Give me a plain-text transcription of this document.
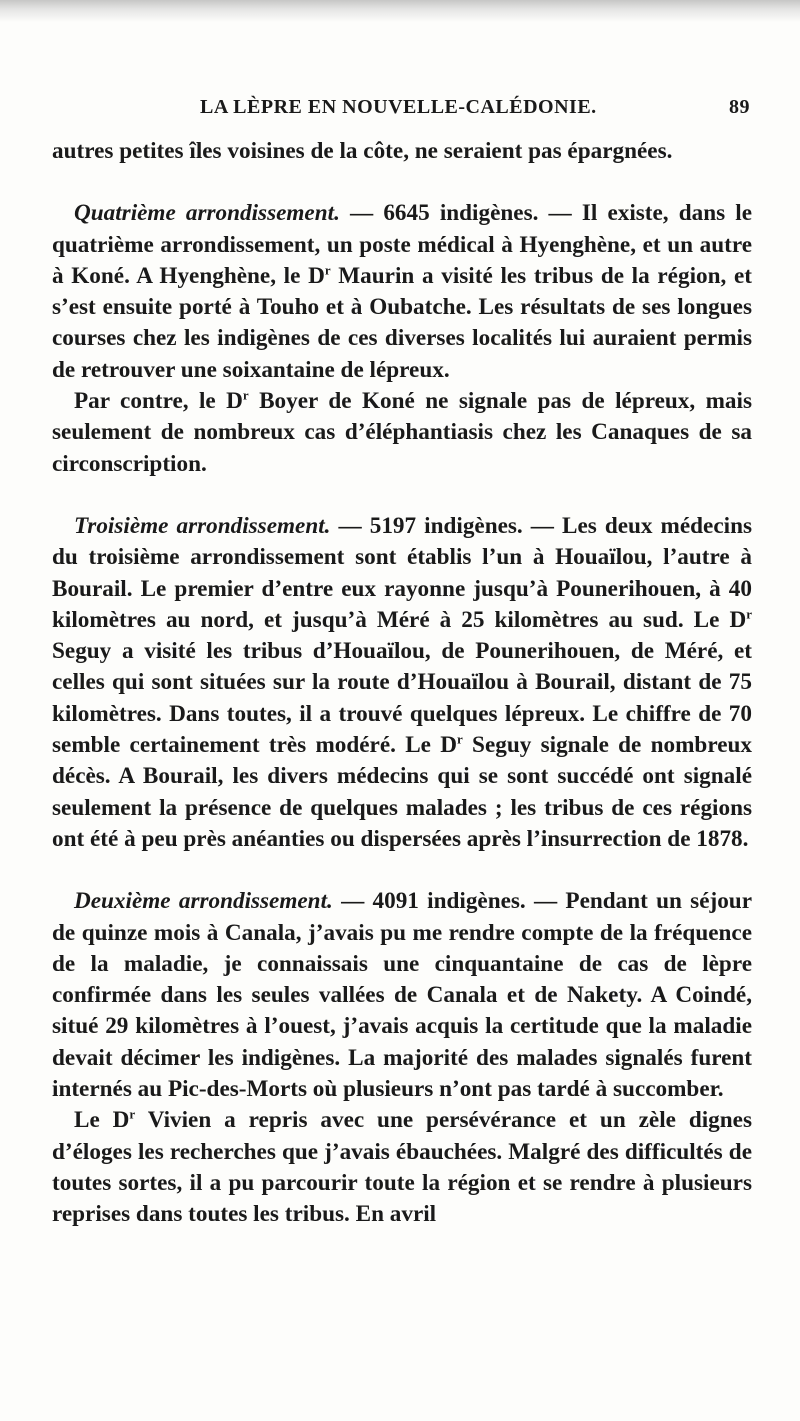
LA LÈPRE EN NOUVELLE-CALÉDONIE.	89

autres petites îles voisines de la côte, ne seraient pas épargnées.

Quatrième arrondissement. — 6645 indigènes. — Il existe, dans le quatrième arrondissement, un poste médical à Hyenghène, et un autre à Koné. A Hyenghène, le $D^r$ Maurin a visité les tribus de la région, et s’est ensuite porté à Touho et à Oubatche. Les résultats de ses longues courses chez les indigènes de ces diverses localités lui auraient permis de retrouver une soixantaine de lépreux.

Par contre, le $D^r$ Boyer de Koné ne signale pas de lépreux, mais seulement de nombreux cas d’éléphantiasis chez les Canaques de sa circonscription.

Troisième arrondissement. — 5197 indigènes. — Les deux médecins du troisième arrondissement sont établis l’un à Houaïlou, l’autre à Bourail. Le premier d’entre eux rayonne jusqu’à Pounerihouen, à 40 kilomètres au nord, et jusqu’à Méré à 25 kilomètres au sud. Le $D^r$ Seguy a visité les tribus d’Houaïlou, de Pounerihouen, de Méré, et celles qui sont situées sur la route d’Houaïlou à Bourail, distant de 75 kilomètres. Dans toutes, il a trouvé quelques lépreux. Le chiffre de 70 semble certainement très modéré. Le $D^r$ Seguy signale de nombreux décès. A Bourail, les divers médecins qui se sont succédé ont signalé seulement la présence de quelques malades ; les tribus de ces régions ont été à peu près anéanties ou dispersées après l’insurrection de 1878.

Deuxième arrondissement. — 4091 indigènes. — Pendant un séjour de quinze mois à Canala, j’avais pu me rendre compte de la fréquence de la maladie, je connaissais une cinquantaine de cas de lèpre confirmée dans les seules vallées de Canala et de Nakety. A Coindé, situé 29 kilomètres à l’ouest, j’avais acquis la certitude que la maladie devait décimer les indigènes. La majorité des malades signalés furent internés au Pic-des-Morts où plusieurs n’ont pas tardé à succomber.

Le $D^r$ Vivien a repris avec une persévérance et un zèle dignes d’éloges les recherches que j’avais ébauchées. Malgré des difficultés de toutes sortes, il a pu parcourir toute la région et se rendre à plusieurs reprises dans toutes les tribus. En avril
